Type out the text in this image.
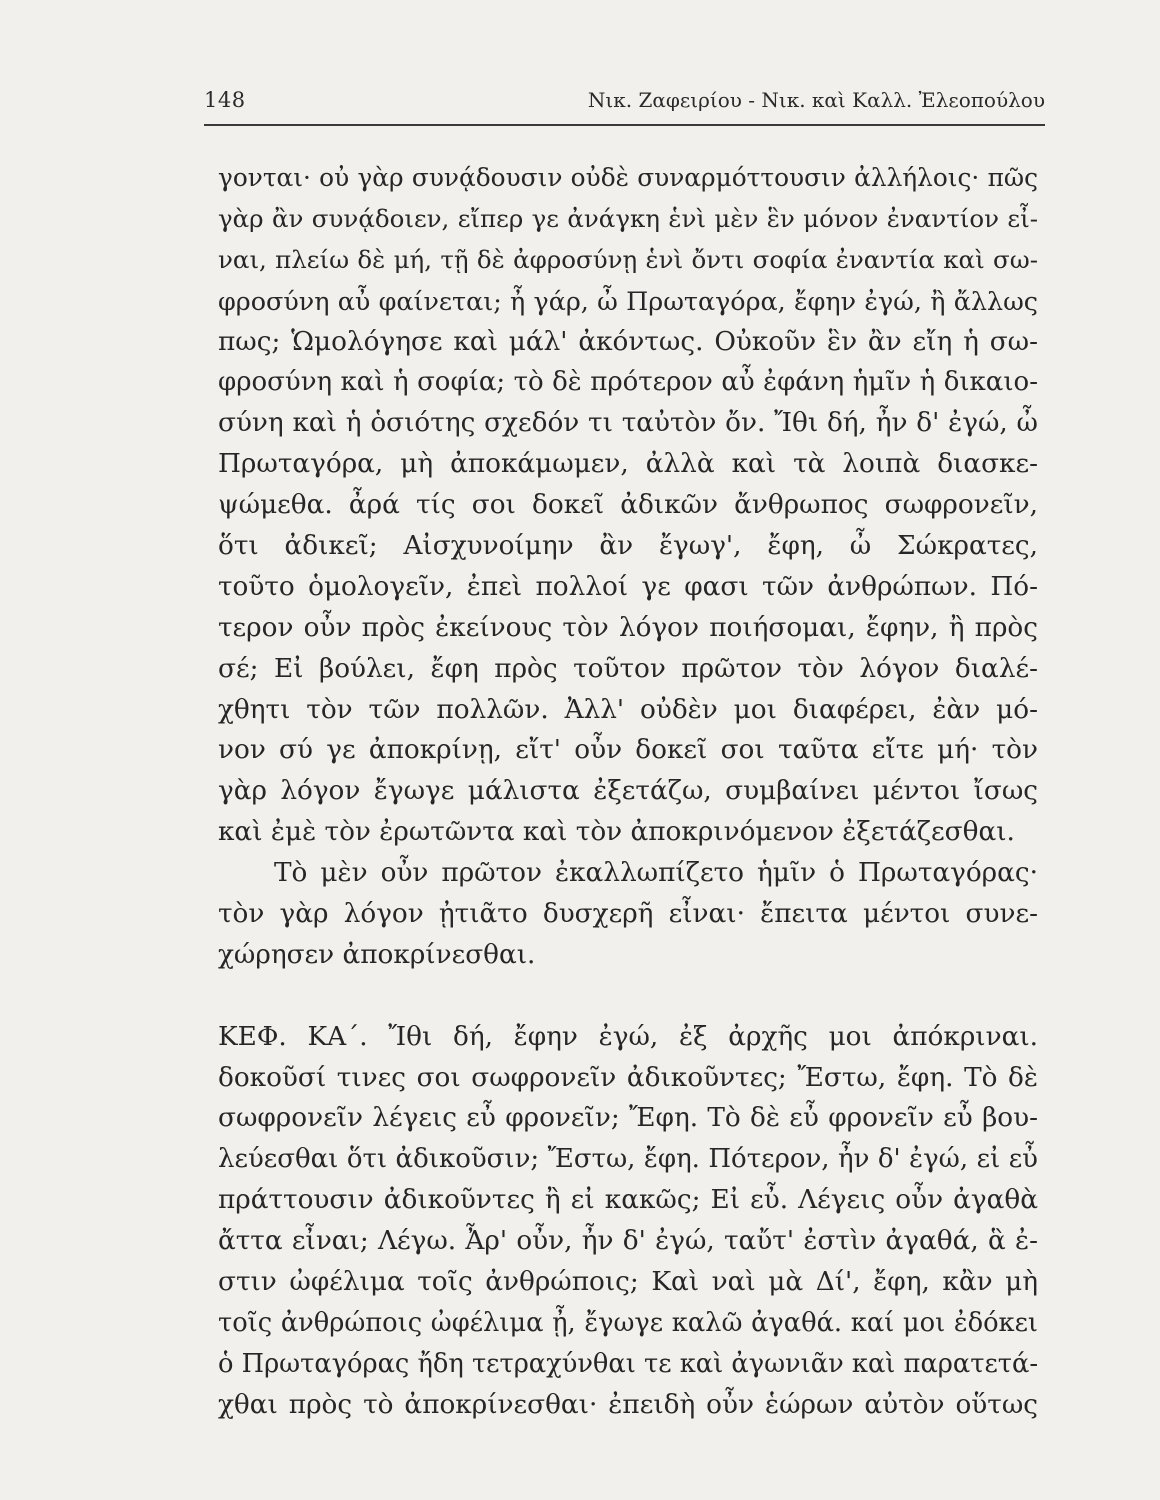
148	Νικ. Ζαφειρίου - Νικ. καὶ Καλλ. Ἐλεοπούλου
γονται· οὐ γὰρ συνᾴδουσιν οὐδὲ συναρμόττουσιν ἀλλήλοις· πῶς
γὰρ ἂν συνᾴδοιεν, εἴπερ γε ἀνάγκη ἑνὶ μὲν ἓν μόνον ἐναντίον εἶ-
ναι, πλείω δὲ μή, τῇ δὲ ἀφροσύνῃ ἑνὶ ὄντι σοφία ἐναντία καὶ σω-
φροσύνη αὖ φαίνεται; ἦ γάρ, ὦ Πρωταγόρα, ἔφην ἐγώ, ἢ ἄλλως
πως; Ὡμολόγησε καὶ μάλ' ἀκόντως. Οὐκοῦν ἓν ἂν εἴη ἡ σω-
φροσύνη καὶ ἡ σοφία; τὸ δὲ πρότερον αὖ ἐφάνη ἡμῖν ἡ δικαιο-
σύνη καὶ ἡ ὁσιότης σχεδόν τι ταὐτὸν ὄν. Ἴθι δή, ἦν δ' ἐγώ, ὦ
Πρωταγόρα, μὴ ἀποκάμωμεν, ἀλλὰ καὶ τὰ λοιπὰ διασκε-
ψώμεθα. ἆρά τίς σοι δοκεῖ ἀδικῶν ἄνθρωπος σωφρονεῖν,
ὅτι ἀδικεῖ; Αἰσχυνοίμην ἂν ἔγωγ', ἔφη, ὦ Σώκρατες,
τοῦτο ὁμολογεῖν, ἐπεὶ πολλοί γε φασι τῶν ἀνθρώπων. Πό-
τερον οὖν πρὸς ἐκείνους τὸν λόγον ποιήσομαι, ἔφην, ἢ πρὸς
σέ; Εἰ βούλει, ἔφη πρὸς τοῦτον πρῶτον τὸν λόγον διαλέ-
χθητι τὸν τῶν πολλῶν. Ἀλλ' οὐδὲν μοι διαφέρει, ἐὰν μό-
νον σύ γε ἀποκρίνῃ, εἴτ' οὖν δοκεῖ σοι ταῦτα εἴτε μή· τὸν
γὰρ λόγον ἔγωγε μάλιστα ἐξετάζω, συμβαίνει μέντοι ἴσως
καὶ ἐμὲ τὸν ἐρωτῶντα καὶ τὸν ἀποκρινόμενον ἐξετάζεσθαι.
Τὸ μὲν οὖν πρῶτον ἐκαλλωπίζετο ἡμῖν ὁ Πρωταγόρας·
τὸν γὰρ λόγον ᾐτιᾶτο δυσχερῆ εἶναι· ἔπειτα μέντοι συνε-
χώρησεν ἀποκρίνεσθαι.
ΚΕΦ. ΚΑ΄. Ἴθι δή, ἔφην ἐγώ, ἐξ ἀρχῆς μοι ἀπόκριναι.
δοκοῦσί τινες σοι σωφρονεῖν ἀδικοῦντες; Ἔστω, ἔφη. Τὸ δὲ
σωφρονεῖν λέγεις εὖ φρονεῖν; Ἔφη. Τὸ δὲ εὖ φρονεῖν εὖ βου-
λεύεσθαι ὅτι ἀδικοῦσιν; Ἔστω, ἔφη. Πότερον, ἦν δ' ἐγώ, εἰ εὖ
πράττουσιν ἀδικοῦντες ἢ εἰ κακῶς; Εἰ εὖ. Λέγεις οὖν ἀγαθὰ
ἄττα εἶναι; Λέγω. Ἆρ' οὖν, ἦν δ' ἐγώ, ταὔτ' ἐστὶν ἀγαθά, ἃ ἐ-
στιν ὠφέλιμα τοῖς ἀνθρώποις; Καὶ ναὶ μὰ Δί', ἔφη, κἂν μὴ
τοῖς ἀνθρώποις ὠφέλιμα ᾖ, ἔγωγε καλῶ ἀγαθά. καί μοι ἐδόκει
ὁ Πρωταγόρας ἤδη τετραχύνθαι τε καὶ ἀγωνιᾶν καὶ παρατετά-
χθαι πρὸς τὸ ἀποκρίνεσθαι· ἐπειδὴ οὖν ἑώρων αὐτὸν οὕτως
